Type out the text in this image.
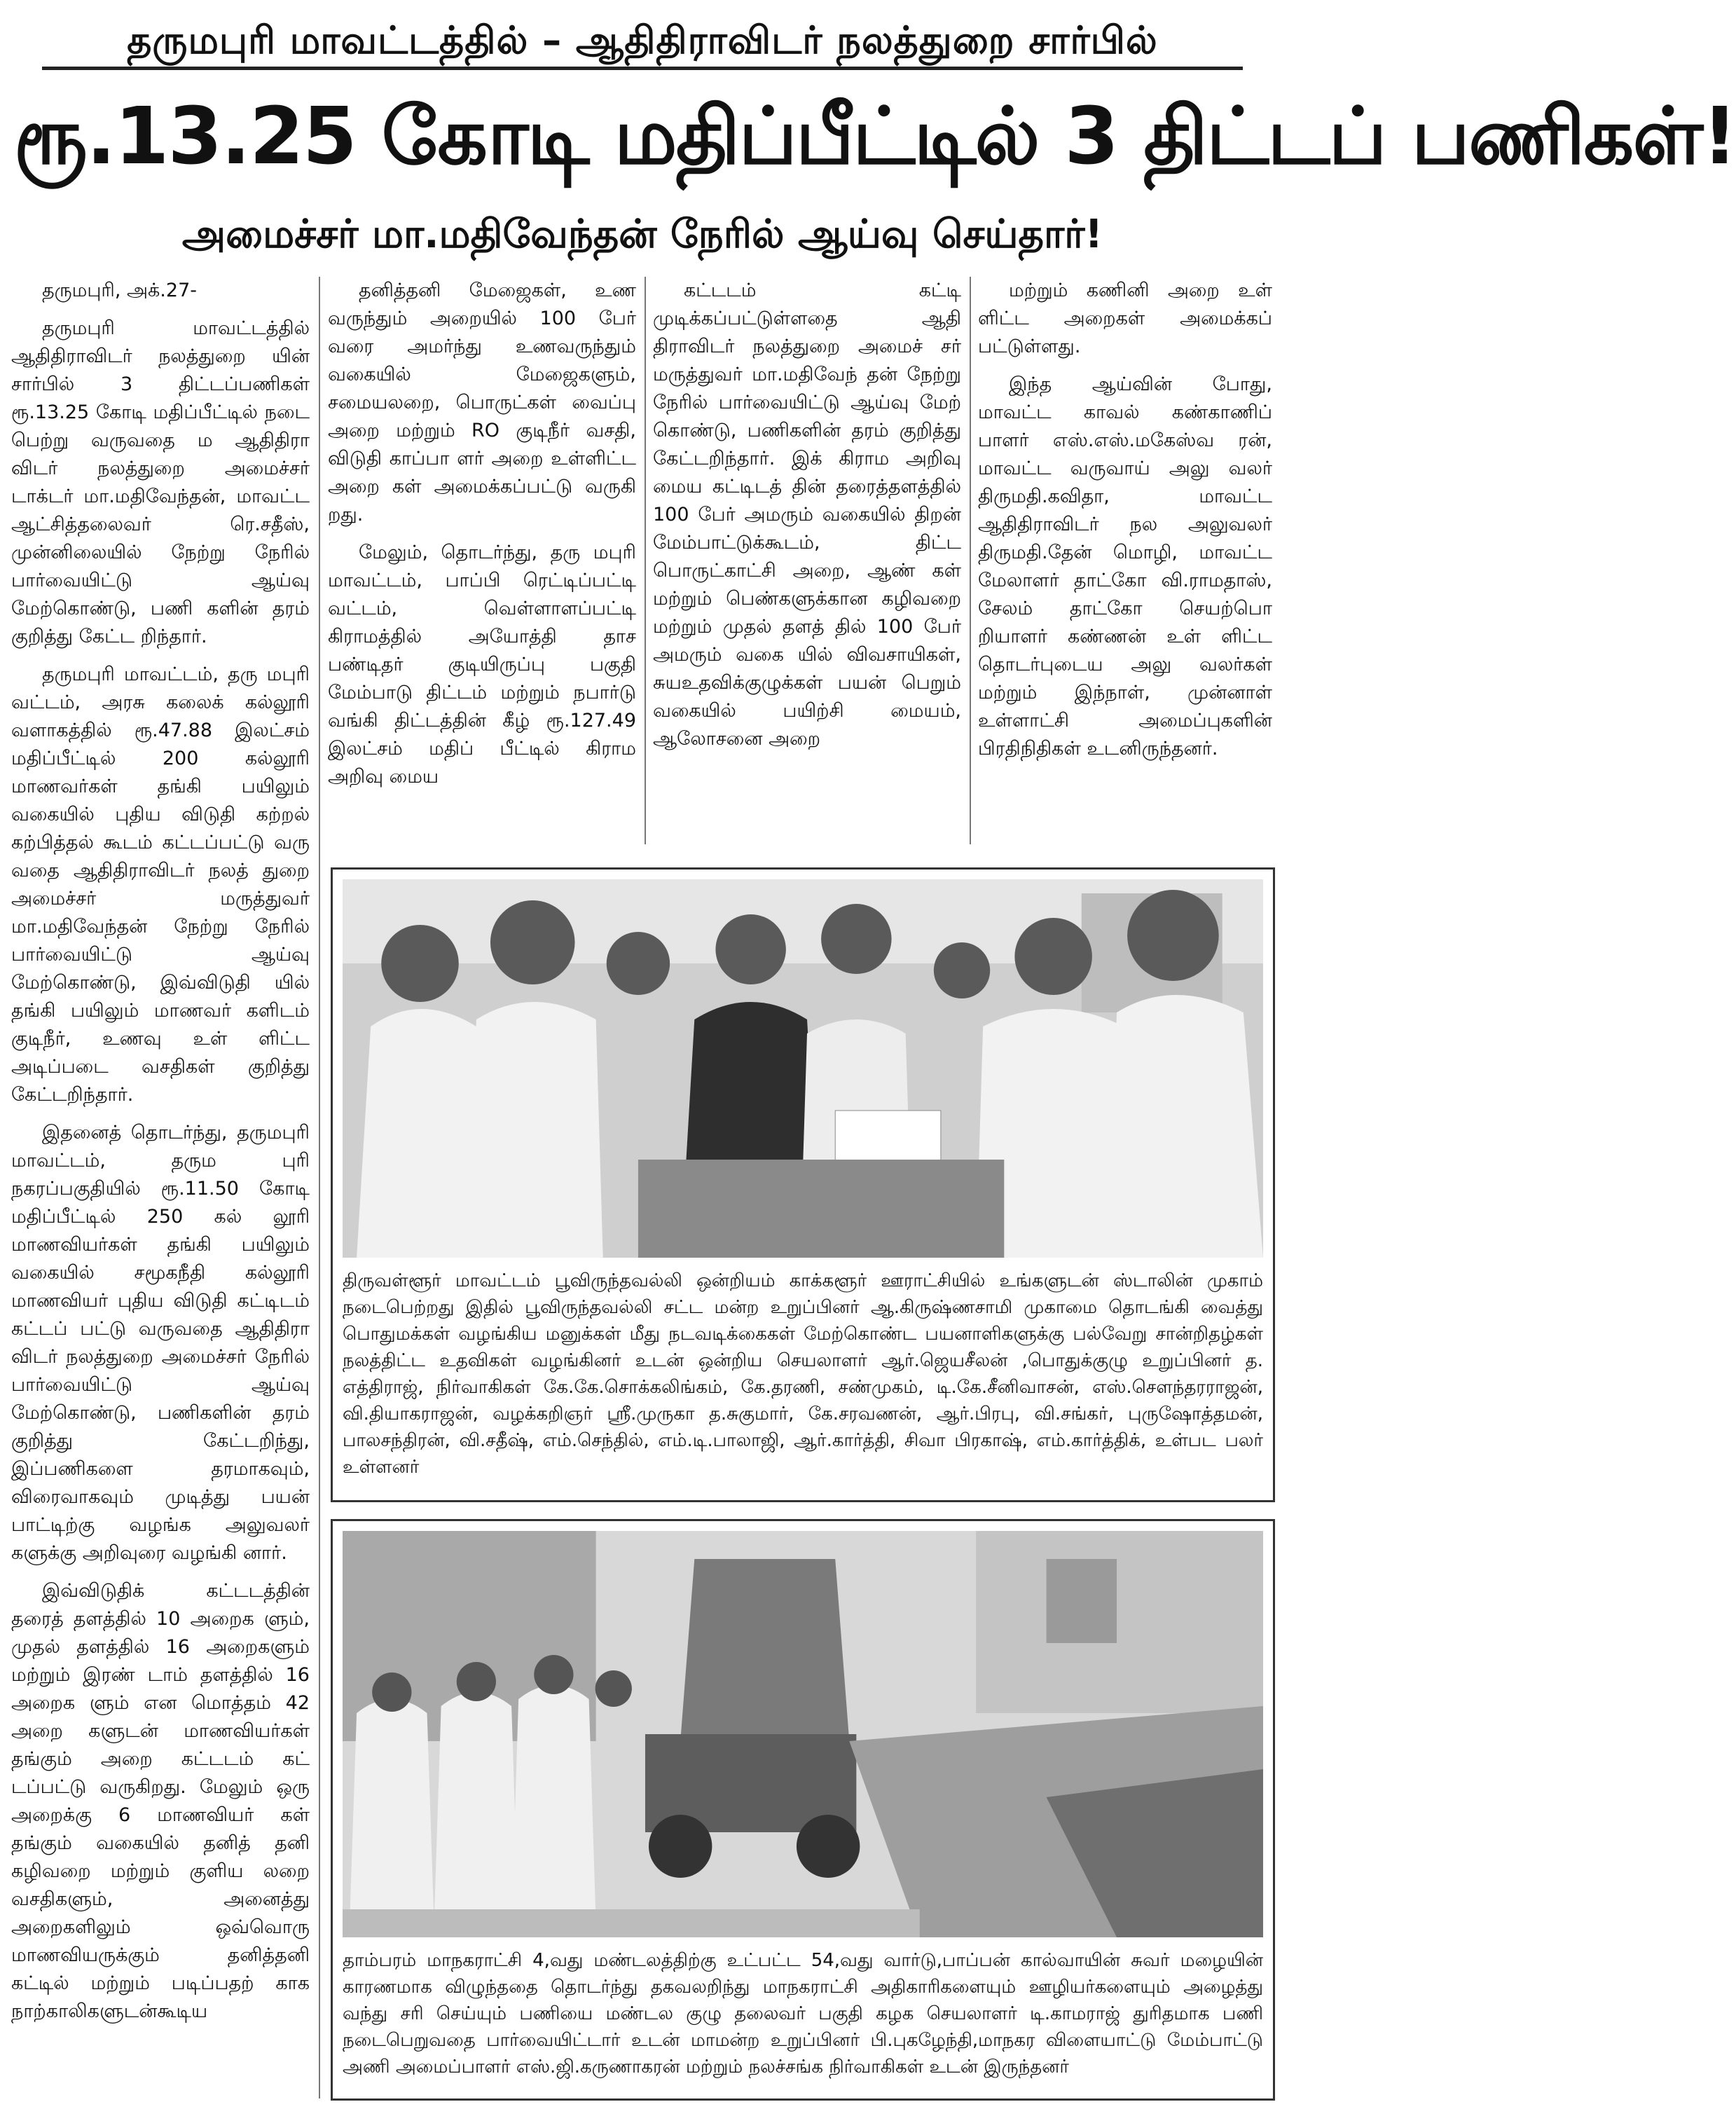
தருமபுரி மாவட்டத்தில் – ஆதிதிராவிடர் நலத்துறை சார்பில்
ரூ.13.25 கோடி மதிப்பீட்டில் 3 திட்டப் பணிகள்!
அமைச்சர் மா.மதிவேந்தன் நேரில் ஆய்வு செய்தார்!

தருமபுரி, அக்.27-

தருமபுரி மாவட்டத்தில் ஆதிதிராவிடர் நலத்துறை யின் சார்பில் 3 திட்டப்பணிகள் ரூ.13.25 கோடி மதிப்பீட்டில் நடை பெற்று வருவதை ம ஆதிதிரா விடர் நலத்துறை அமைச்சர் டாக்டர் மா.மதிவேந்தன், மாவட்ட ஆட்சித்தலைவர் ரெ.சதீஸ், முன்னிலையில் நேற்று நேரில் பார்வையிட்டு ஆய்வு மேற்கொண்டு, பணி களின் தரம் குறித்து கேட்ட றிந்தார்.

தருமபுரி மாவட்டம், தரு மபுரி வட்டம், அரசு கலைக் கல்லூரி வளாகத்தில் ரூ.47.88 இலட்சம் மதிப்பீட்டில் 200 கல்லூரி மாணவர்கள் தங்கி பயிலும் வகையில் புதிய விடுதி கற்றல் கற்பித்தல் கூடம் கட்டப்பட்டு வரு வதை ஆதிதிராவிடர் நலத் துறை அமைச்சர் மருத்துவர் மா.மதிவேந்தன் நேற்று நேரில் பார்வையிட்டு ஆய்வு மேற்கொண்டு, இவ்விடுதி யில் தங்கி பயிலும் மாணவர் களிடம் குடிநீர், உணவு உள் ளிட்ட அடிப்படை வசதிகள் குறித்து கேட்டறிந்தார்.

இதனைத் தொடர்ந்து, தருமபுரி மாவட்டம், தரும புரி நகரப்பகுதியில் ரூ.11.50 கோடி மதிப்பீட்டில் 250 கல் லூரி மாணவியர்கள் தங்கி பயிலும் வகையில் சமூகநீதி கல்லூரி மாணவியர் புதிய விடுதி கட்டிடம் கட்டப் பட்டு வருவதை ஆதிதிரா விடர் நலத்துறை அமைச்சர் நேரில் பார்வையிட்டு ஆய்வு மேற்கொண்டு, பணிகளின் தரம் குறித்து கேட்டறிந்து, இப்பணிகளை தரமாகவும், விரைவாகவும் முடித்து பயன் பாட்டிற்கு வழங்க அலுவலர் களுக்கு அறிவுரை வழங்கி னார்.

இவ்விடுதிக் கட்டடத்தின் தரைத் தளத்தில் 10 அறைக ளும், முதல் தளத்தில் 16 அறைகளும் மற்றும் இரண் டாம் தளத்தில் 16 அறைக ளும் என மொத்தம் 42 அறை களுடன் மாணவியர்கள் தங்கும் அறை கட்டடம் கட் டப்பட்டு வருகிறது. மேலும் ஒரு அறைக்கு 6 மாணவியர் கள் தங்கும் வகையில் தனித் தனி கழிவறை மற்றும் குளிய லறை வசதிகளும், அனைத்து அறைகளிலும் ஒவ்வொரு மாணவியருக்கும் தனித்தனி கட்டில் மற்றும் படிப்பதற் காக நாற்காலிகளுடன்கூடிய

தனித்தனி மேஜைகள், உண வருந்தும் அறையில் 100 பேர் வரை அமர்ந்து உணவருந்தும் வகையில் மேஜைகளும், சமையலறை, பொருட்கள் வைப்பு அறை மற்றும் RO குடிநீர் வசதி, விடுதி காப்பா ளர் அறை உள்ளிட்ட அறை கள் அமைக்கப்பட்டு வருகி றது.

மேலும், தொடர்ந்து, தரு மபுரி மாவட்டம், பாப்பி ரெட்டிப்பட்டி வட்டம், வெள்ளாளப்பட்டி கிராமத்தில் அயோத்தி தாச பண்டிதர் குடியிருப்பு பகுதி மேம்பாடு திட்டம் மற்றும் நபார்டு வங்கி திட்டத்தின் கீழ் ரூ.127.49 இலட்சம் மதிப் பீட்டில் கிராம அறிவு மைய

கட்டடம் கட்டி முடிக்கப்பட்டுள்ளதை ஆதி திராவிடர் நலத்துறை அமைச் சர் மருத்துவர் மா.மதிவேந் தன் நேற்று நேரில் பார்வையிட்டு ஆய்வு மேற் கொண்டு, பணிகளின் தரம் குறித்து கேட்டறிந்தார். இக் கிராம அறிவு மைய கட்டிடத் தின் தரைத்தளத்தில் 100 பேர் அமரும் வகையில் திறன் மேம்பாட்டுக்கூடம், திட்ட பொருட்காட்சி அறை, ஆண் கள் மற்றும் பெண்களுக்கான கழிவறை மற்றும் முதல் தளத் தில் 100 பேர் அமரும் வகை யில் விவசாயிகள், சுயஉதவிக்குழுக்கள் பயன் பெறும் வகையில் பயிற்சி மையம், ஆலோசனை அறை

மற்றும் கணினி அறை உள் ளிட்ட அறைகள் அமைக்கப் பட்டுள்ளது.

இந்த ஆய்வின் போது, மாவட்ட காவல் கண்காணிப் பாளர் எஸ்.எஸ்.மகேஸ்வ ரன், மாவட்ட வருவாய் அலு வலர் திருமதி.கவிதா, மாவட்ட ஆதிதிராவிடர் நல அலுவலர் திருமதி.தேன் மொழி, மாவட்ட மேலாளர் தாட்கோ வி.ராமதாஸ், சேலம் தாட்கோ செயற்பொ றியாளர் கண்ணன் உள் ளிட்ட தொடர்புடைய அலு வலர்கள் மற்றும் இந்நாள், முன்னாள் உள்ளாட்சி அமைப்புகளின் பிரதிநிதிகள் உடனிருந்தனர்.

திருவள்ளூர் மாவட்டம் பூவிருந்தவல்லி ஒன்றியம் காக்களூர் ஊராட்சியில் உங்களுடன் ஸ்டாலின் முகாம் நடைபெற்றது இதில் பூவிருந்தவல்லி சட்ட மன்ற உறுப்பினர் ஆ.கிருஷ்ணசாமி முகாமை தொடங்கி வைத்து பொதுமக்கள் வழங்கிய மனுக்கள் மீது நடவடிக்கைகள் மேற்கொண்ட பயனாளிகளுக்கு பல்வேறு சான்றிதழ்கள் நலத்திட்ட உதவிகள் வழங்கினர் உடன் ஒன்றிய செயலாளர் ஆர்.ஜெயசீலன் ,பொதுக்குழு உறுப்பினர் த. எத்திராஜ், நிர்வாகிகள் கே.கே.சொக்கலிங்கம், கே.தரணி, சண்முகம், டி.கே.சீனிவாசன், எஸ்.சௌந்தரராஜன், வி.தியாகராஜன், வழக்கறிஞர் ஸ்ரீ.முருகா த.சுகுமார், கே.சரவணன், ஆர்.பிரபு, வி.சங்கர், புருஷோத்தமன், பாலசந்திரன், வி.சதீஷ், எம்.செந்தில், எம்.டி.பாலாஜி, ஆர்.கார்த்தி, சிவா பிரகாஷ், எம்.கார்த்திக், உள்பட பலர் உள்ளனர்
தாம்பரம் மாநகராட்சி 4,வது மண்டலத்திற்கு உட்பட்ட 54,வது வார்டு,பாப்பன் கால்வாயின் சுவர் மழையின் காரணமாக விழுந்ததை தொடர்ந்து தகவலறிந்து மாநகராட்சி அதிகாரிகளையும் ஊழியர்களையும் அழைத்து வந்து சரி செய்யும் பணியை மண்டல குழு தலைவர் பகுதி கழக செயலாளர் டி.காமராஜ் துரிதமாக பணி நடைபெறுவதை பார்வையிட்டார் உடன் மாமன்ற உறுப்பினர் பி.புகழேந்தி,மாநகர விளையாட்டு மேம்பாட்டு அணி அமைப்பாளர் எஸ்.ஜி.கருணாகரன் மற்றும் நலச்சங்க நிர்வாகிகள் உடன் இருந்தனர்
